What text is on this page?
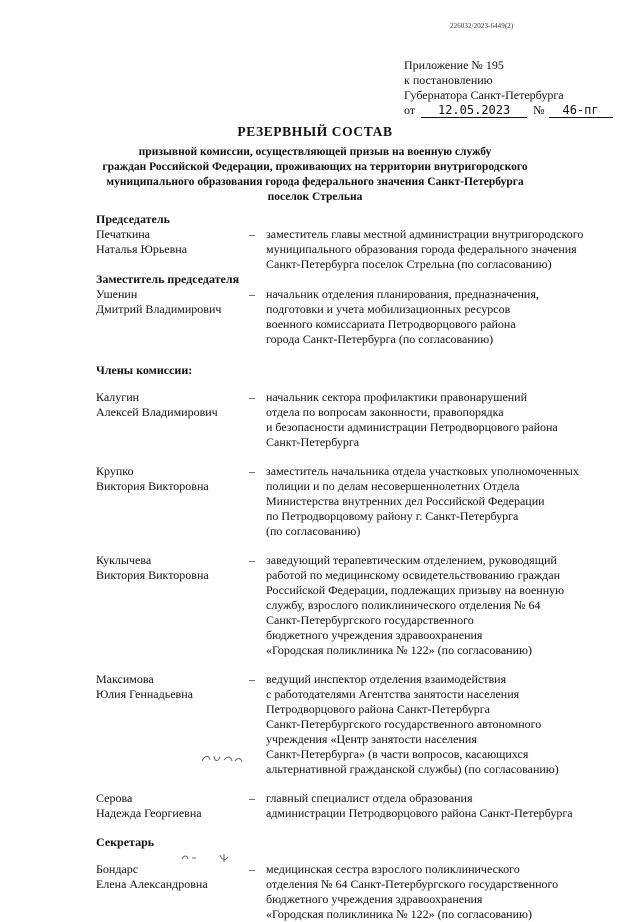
226032/2023-6449(2)
Приложение № 195
к постановлению
Губернатора Санкт-Петербурга
от	12.05.2023	№	46-пг
РЕЗЕРВНЫЙ СОСТАВ
призывной комиссии, осуществляющей призыв на военную службу
граждан Российской Федерации, проживающих на территории внутригородского
муниципального образования города федерального значения Санкт-Петербурга
поселок Стрельна
Председатель
Печаткина
Наталья Юрьевна
– заместитель главы местной администрации внутригородского
муниципального образования города федерального значения
Санкт-Петербурга поселок Стрельна (по согласованию)
Заместитель председателя
Ушенин
Дмитрий Владимирович
– начальник отделения планирования, предназначения,
подготовки и учета мобилизационных ресурсов
военного комиссариата Петродворцового района
города Санкт-Петербурга (по согласованию)
Члены комиссии:
Калугин
Алексей Владимирович
– начальник сектора профилактики правонарушений
отдела по вопросам законности, правопорядка
и безопасности администрации Петродворцового района
Санкт-Петербурга
Крупко
Виктория Викторовна
– заместитель начальника отдела участковых уполномоченных
полиции и по делам несовершеннолетних Отдела
Министерства внутренних дел Российской Федерации
по Петродворцовому району г. Санкт-Петербурга
(по согласованию)
Куклычева
Виктория Викторовна
– заведующий терапевтическим отделением, руководящий
работой по медицинскому освидетельствованию граждан
Российской Федерации, подлежащих призыву на военную
службу, взрослого поликлинического отделения № 64
Санкт-Петербургского государственного
бюджетного учреждения здравоохранения
«Городская поликлиника № 122» (по согласованию)
Максимова
Юлия Геннадьевна
– ведущий инспектор отделения взаимодействия
с работодателями Агентства занятости населения
Петродворцового района Санкт-Петербурга
Санкт-Петербургского государственного автономного
учреждения «Центр занятости населения
Санкт-Петербурга» (в части вопросов, касающихся
альтернативной гражданской службы) (по согласованию)
Серова
Надежда Георгиевна
– главный специалист отдела образования
администрации Петродворцового района Санкт-Петербурга
Секретарь
Бондарс
Елена Александровна
– медицинская сестра взрослого поликлинического
отделения № 64 Санкт-Петербургского государственного
бюджетного учреждения здравоохранения
«Городская поликлиника № 122» (по согласованию)
